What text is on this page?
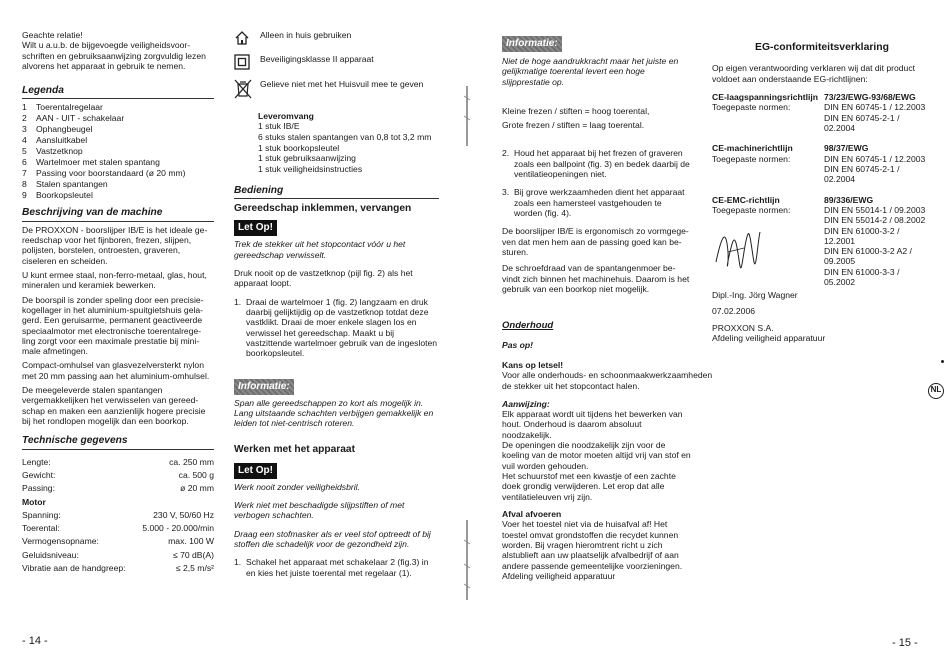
Geachte relatie!
Wilt u a.u.b. de bijgevoegde veiligheidsvoor-schriften en gebruiksaanwijzing zorgvuldig lezen alvorens het apparaat in gebruik te nemen.

Legenda
1	Toerentalregelaar
2	AAN - UIT - schakelaar
3	Ophangbeugel
4	Aansluitkabel
5	Vastzetknop
6	Wartelmoer met stalen spantang
7	Passing voor boorstandaard (ø 20 mm)
8	Stalen spantangen
9	Boorkopsleutel
Beschrijving van de machine

De PROXXON - boorslijper IB/E is het ideale ge-reedschap voor het fijnboren, frezen, slijpen, polijsten, borstelen, ontroesten, graveren, ciseleren en scheiden.

U kunt ermee staal, non-ferro-metaal, glas, hout, mineralen und keramiek bewerken.

De boorspil is zonder speling door een precisie-kogellager in het aluminium-spuitgietshuis gela-gerd. Een geruisarme, permanent geactiveerde speciaalmotor met electronische toerentalrege-ling zorgt voor een maximale prestatie bij mini-male afmetingen.

Compact-omhulsel van glasvezelversterkt nylon met 20 mm passing aan het aluminium-omhulsel.

De meegeleverde stalen spantangen vergemakkelijken het verwisselen van gereed-schap en maken een aanzienlijk hogere precisie bij het rondlopen mogelijk dan een boorkop.

Technische gegevens
Lengte:	ca. 250 mm
Gewicht:	ca. 500 g
Passing:	ø 20 mm
Motor
Spanning:	230 V, 50/60 Hz
Toerental:	5.000 - 20.000/min
Vermogensopname:	max. 100 W
Geluidsniveau:	≤ 70 dB(A)
Vibratie aan de handgreep:	≤ 2,5 m/s²
- 14 -
Alleen in huis gebruiken
Beveiligingsklasse II apparaat
Gelieve niet met het Huisvuil mee te geven
Leveromvang
1 stuk IB/E
6 stuks stalen spantangen van 0,8 tot 3,2 mm
1 stuk boorkopsleutel
1 stuk gebruiksaanwijzing
1 stuk veiligheidsinstructies
Bediening
Gereedschap inklemmen, vervangen
Let Op!

Trek de stekker uit het stopcontact vóór u het gereedschap verwisselt.

Druk nooit op de vastzetknop (pijl fig. 2) als het apparaat loopt.

1. Draai de wartelmoer 1 (fig. 2) langzaam en druk daarbij gelijktijdig op de vastzetknop totdat deze vastklikt. Draai de moer enkele slagen los en verwissel het gereedschap. Maakt u bij vastzittende wartelmoer gebruik van de ingesloten boorkopsleutel.
Informatie:

Span alle gereedschappen zo kort als mogelijk in. Lang uitstaande schachten verbijgen gemakkelijk en leiden tot niet-centrisch roteren.

Werken met het apparaat
Let Op!

Werk nooit zonder veiligheidsbril.

Werk niet met beschadigde slijpstiften of met verbogen schachten.

Draag een stofmasker als er veel stof optreedt of bij stoffen die schadelijk voor de gezondheid zijn.

1. Schakel het apparaat met schakelaar 2 (fig.3) in en kies het juiste toerental met regelaar (1).
Informatie:

Niet de hoge aandrukkracht maar het juiste en gelijkmatige toerental levert een hoge slijpprestatie op.

Kleine frezen / stiften = hoog toerental,
Grote frezen / stiften = laag toerental.

2. Houd het apparaat bij het frezen of graveren zoals een ballpoint (fig. 3) en bedek daarbij de ventilatieopeningen niet.
3. Bij grove werkzaamheden dient het apparaat zoals een hamersteel vastgehouden te worden (fig. 4).

De boorslijper IB/E is ergonomisch zo vormgege-ven dat men hem aan de passing goed kan be-sturen.

De schroefdraad van de spantangenmoer be-vindt zich binnen het machinehuis. Daarom is het gebruik van een boorkop niet mogelijk.

Onderhoud
Pas op!
Kans op letsel!

Voor alle onderhouds- en schoonmaakwerkzaamheden de stekker uit het stopcontact halen.

Aanwijzing:

Elk apparaat wordt uit tijdens het bewerken van hout. Onderhoud is daarom absoluut noodzakelijk.
De openingen die noodzakelijk zijn voor de koeling van de motor moeten altijd vrij van stof en vuil worden gehouden.
Het schuurstof met een kwastje of een zachte doek grondig verwijderen. Let erop dat alle ventilatieleuven vrij zijn.

Afval afvoeren

Voer het toestel niet via de huisafval af! Het toestel omvat grondstoffen die recydet kunnen worden. Bij vragen hieromtrent richt u zich alstublieft aan uw plaatselijk afvalbedrijf of aan andere passende gemeentelijke voorzieningen. Afdeling veiligheid apparatuur

EG-conformiteitsverklaring

Op eigen verantwoording verklaren wij dat dit product voldoet aan onderstaande EG-richtlijnen:

CE-laagspanningsrichtlijn
Toegepaste normen:
73/23/EWG-93/68/EWG
DIN EN 60745-1 / 12.2003
DIN EN 60745-2-1 / 02.2004
CE-machinerichtlijn
Toegepaste normen:
98/37/EWG
DIN EN 60745-1 / 12.2003
DIN EN 60745-2-1 / 02.2004
CE-EMC-richtlijn
Toegepaste normen:
89/336/EWG
DIN EN 55014-1 / 09.2003
DIN EN 55014-2 / 08.2002
DIN EN 61000-3-2 / 12.2001
DIN EN 61000-3-2 A2 / 09.2005
DIN EN 61000-3-3 / 05.2002
Dipl.-Ing. Jörg Wagner
07.02.2006
PROXXON S.A.
Afdeling veiligheid apparatuur
NL
- 15 -
